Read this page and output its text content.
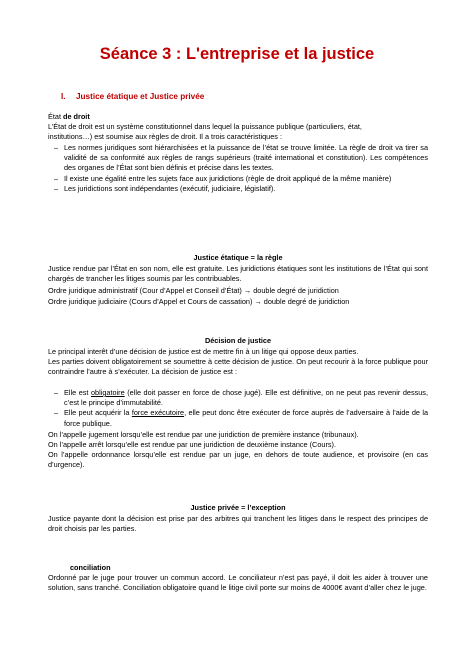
Séance 3 : L'entreprise et la justice
I. Justice étatique et Justice privée
État de droit
L’État de droit est un système constitutionnel dans lequel la puissance publique (particuliers, état,
institutions…) est soumise aux règles de droit. Il a trois caractéristiques :
– Les normes juridiques sont hiérarchisées et la puissance de l’état se trouve limitée. La règle de droit va tirer sa validité de sa conformité aux règles de rangs supérieurs (traité international et constitution). Les compétences des organes de l’État sont bien définis et précise dans les textes.
– Il existe une égalité entre les sujets face aux juridictions (règle de droit appliqué de la même manière)
– Les juridictions sont indépendantes (exécutif, judiciaire, législatif).
Justice étatique = la règle
Justice rendue par l’État en son nom, elle est gratuite. Les juridictions étatiques sont les institutions de l’État qui sont chargés de trancher les litiges soumis par les contribuables.
Ordre juridique administratif (Cour d’Appel et Conseil d’État) → double degré de juridiction
Ordre juridique judiciaire (Cours d’Appel et Cours de cassation) → double degré de juridiction
Décision de justice
Le principal interêt d’une décision de justice est de mettre fin à un litige qui oppose deux parties.
Les parties doivent obligatoirement se soumettre à cette décision de justice. On peut recourir à la force publique pour contraindre l’autre à s’exécuter. La décision de justice est :
– Elle est obligatoire (elle doit passer en force de chose jugé). Elle est définitive, on ne peut pas revenir dessus, c’est le principe d’immutabilité.
– Elle peut acquérir la force exécutoire, elle peut donc être exécuter de force auprès de l’adversaire à l’aide de la force publique.
On l’appelle jugement lorsqu’elle est rendue par une juridiction de première instance (tribunaux).
On l’appelle arrêt lorsqu’elle est rendue par une juridiction de deuxième instance (Cours).
On l’appelle ordonnance lorsqu’elle est rendue par un juge, en dehors de toute audience, et provisoire (en cas d’urgence).
Justice privée = l’exception
Justice payante dont la décision est prise par des arbitres qui tranchent les litiges dans le respect des principes de droit choisis par les parties.
conciliation
Ordonné par le juge pour trouver un commun accord. Le conciliateur n’est pas payé, il doit les aider à trouver une solution, sans tranché. Conciliation obligatoire quand le litige civil porte sur moins de 4000€ avant d’aller chez le juge.
